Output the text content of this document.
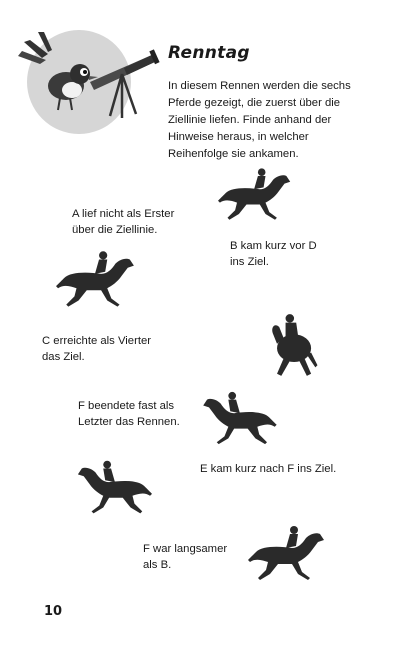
Renntag
In diesem Rennen werden die sechs Pferde gezeigt, die zuerst über die Ziellinie liefen. Finde anhand der Hinweise heraus, in welcher Reihenfolge sie ankamen.
A lief nicht als Erster
über die Ziellinie.
B kam kurz vor D
ins Ziel.
C erreichte als Vierter
das Ziel.
F beendete fast als
Letzter das Rennen.
E kam kurz nach F ins Ziel.
F war langsamer
als B.
10
